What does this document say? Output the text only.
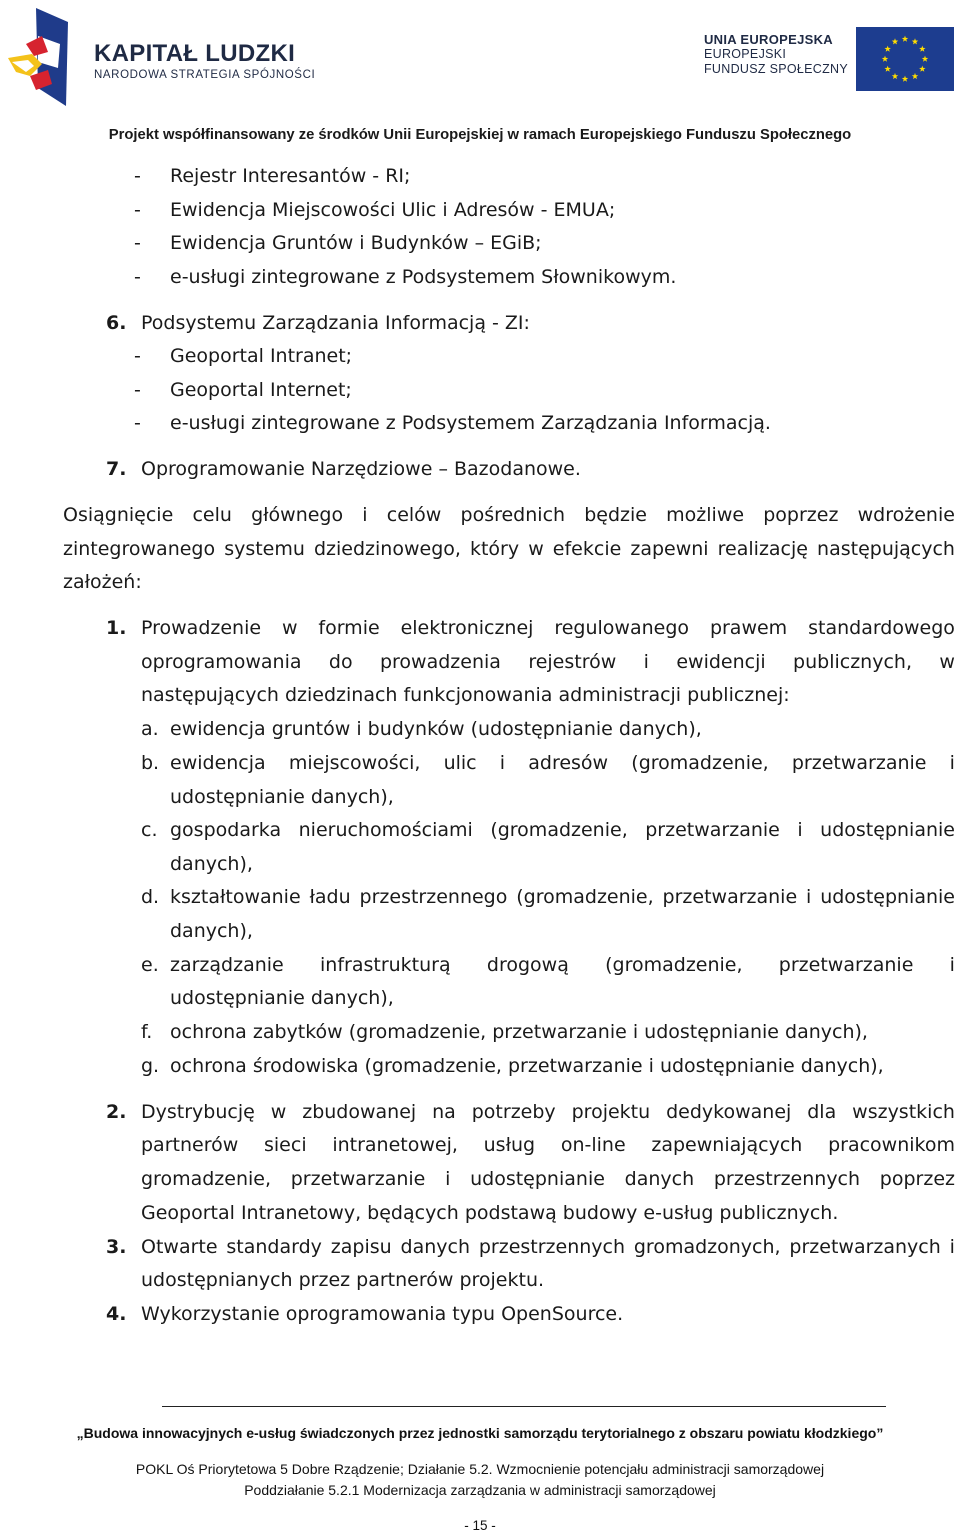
KAPITAŁ LUDZKI
NARODOWA STRATEGIA SPÓJNOŚCI
UNIA EUROPEJSKA
EUROPEJSKI
FUNDUSZ SPOŁECZNY
Projekt współfinansowany ze środków Unii Europejskiej w ramach Europejskiego Funduszu Społecznego
- Rejestr Interesantów - RI;
- Ewidencja Miejscowości Ulic i Adresów - EMUA;
- Ewidencja Gruntów i Budynków – EGiB;
- e-usługi zintegrowane z Podsystemem Słownikowym.
6. Podsystemu Zarządzania Informacją - ZI:
- Geoportal Intranet;
- Geoportal Internet;
- e-usługi zintegrowane z Podsystemem Zarządzania Informacją.
7. Oprogramowanie Narzędziowe – Bazodanowe.
Osiągnięcie celu głównego i celów pośrednich będzie możliwe poprzez wdrożenie
zintegrowanego systemu dziedzinowego, który w efekcie zapewni realizację następujących
założeń:
1. Prowadzenie w formie elektronicznej regulowanego prawem standardowego
oprogramowania do prowadzenia rejestrów i ewidencji publicznych, w
następujących dziedzinach funkcjonowania administracji publicznej:
a. ewidencja gruntów i budynków (udostępnianie danych),
b. ewidencja miejscowości, ulic i adresów (gromadzenie, przetwarzanie i
udostępnianie danych),
c. gospodarka nieruchomościami (gromadzenie, przetwarzanie i udostępnianie
danych),
d. kształtowanie ładu przestrzennego (gromadzenie, przetwarzanie i udostępnianie
danych),
e. zarządzanie infrastrukturą drogową (gromadzenie, przetwarzanie i
udostępnianie danych),
f. ochrona zabytków (gromadzenie, przetwarzanie i udostępnianie danych),
g. ochrona środowiska (gromadzenie, przetwarzanie i udostępnianie danych),
2. Dystrybucję w zbudowanej na potrzeby projektu dedykowanej dla wszystkich
partnerów sieci intranetowej, usług on-line zapewniających pracownikom
gromadzenie, przetwarzanie i udostępnianie danych przestrzennych poprzez
Geoportal Intranetowy, będących podstawą budowy e-usług publicznych.
3. Otwarte standardy zapisu danych przestrzennych gromadzonych, przetwarzanych i
udostępnianych przez partnerów projektu.
4. Wykorzystanie oprogramowania typu OpenSource.
„Budowa innowacyjnych e-usług świadczonych przez jednostki samorządu terytorialnego z obszaru powiatu kłodzkiego”
POKL Oś Priorytetowa 5 Dobre Rządzenie; Działanie 5.2. Wzmocnienie potencjału administracji samorządowej
Poddziałanie 5.2.1 Modernizacja zarządzania w administracji samorządowej
- 15 -
